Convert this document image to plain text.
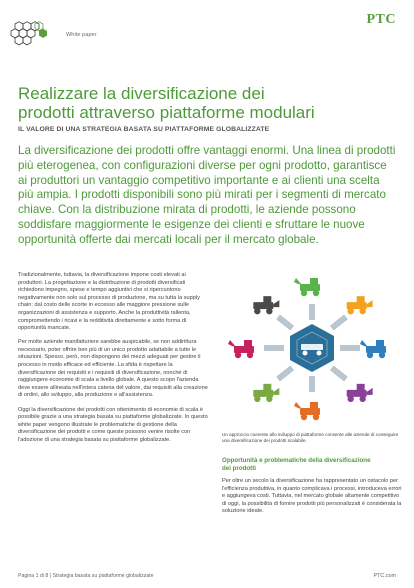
White paper
PTC
Realizzare la diversificazione dei prodotti attraverso piattaforme modulari
IL VALORE DI UNA STRATEGIA BASATA SU PIATTAFORME GLOBALIZZATE

La diversificazione dei prodotti offre vantaggi enormi. Una linea di prodotti più eterogenea, con configurazioni diverse per ogni prodotto, garantisce ai produttori un vantaggio competitivo importante e ai clienti una scelta più ampia. I prodotti disponibili sono più mirati per i segmenti di mercato chiave. Con la distribuzione mirata di prodotti, le aziende possono soddisfare maggiormente le esigenze dei clienti e sfruttare le nuove opportunità offerte dai mercati locali per il mercato globale.

Tradizionalmente, tuttavia, la diversificazione impone costi elevati ai produttori. La progettazione e la distribuzione di prodotti diversificati richiedono impegno, spese e tempo aggiuntivi che si ripercuotono negativamente non solo sul processo di produzione, ma su tutta la supply chain: dal costo delle scorte in eccesso alle maggiore pressione sulle organizzazioni di assistenza e supporto. Anche la produttività rallenta, compromettendo i ricavi e la redditività direttamente e sotto forma di opportunità mancate.

Per molte aziende manifatturiere sarebbe auspicabile, se non addirittura necessario, poter offrire ben più di un unico prodotto adattabile a tutte le situazioni. Spesso, però, non dispongono dei mezzi adeguati per gestire il processo in modo efficace ed efficiente. La sfida è rispettare la diversificazione dei requisiti e i requisiti di diversificazione, nonché di raggiungere economie di scala a livello globale. A questo scopo l'azienda deve essere allineata nell'intera catena del valore, dai requisiti alla creazione di ordini, allo sviluppo, alla produzione e all'assistenza.

Oggi la diversificazione dei prodotti con ottenimento di economie di scala è possibile grazie a una strategia basata su piattaforme globalizzate. In questo white paper vengono illustrate le problematiche di gestione della diversificazione dei prodotti e come queste possono venire risolte con l'adozione di una strategia basata su piattaforme globalizzate.

Un approccio coerente allo sviluppo di piattaforme consente alle aziende di conseguire una diversificazione dei prodotti scalabile.
Opportunità e problematiche della diversificazione dei prodotti

Per oltre un secolo la diversificazione ha rappresentato un ostacolo per l'efficienza produttiva, in quanto complicava i processi, introduceva errori e aggiungeva costi. Tuttavia, nel mercato globale altamente competitivo di oggi, la possibilità di fornire prodotti più personalizzati è considerata la soluzione ideale.

Pagina 1 di 8 | Strategia basata su piattaforme globalizzate	PTC.com
